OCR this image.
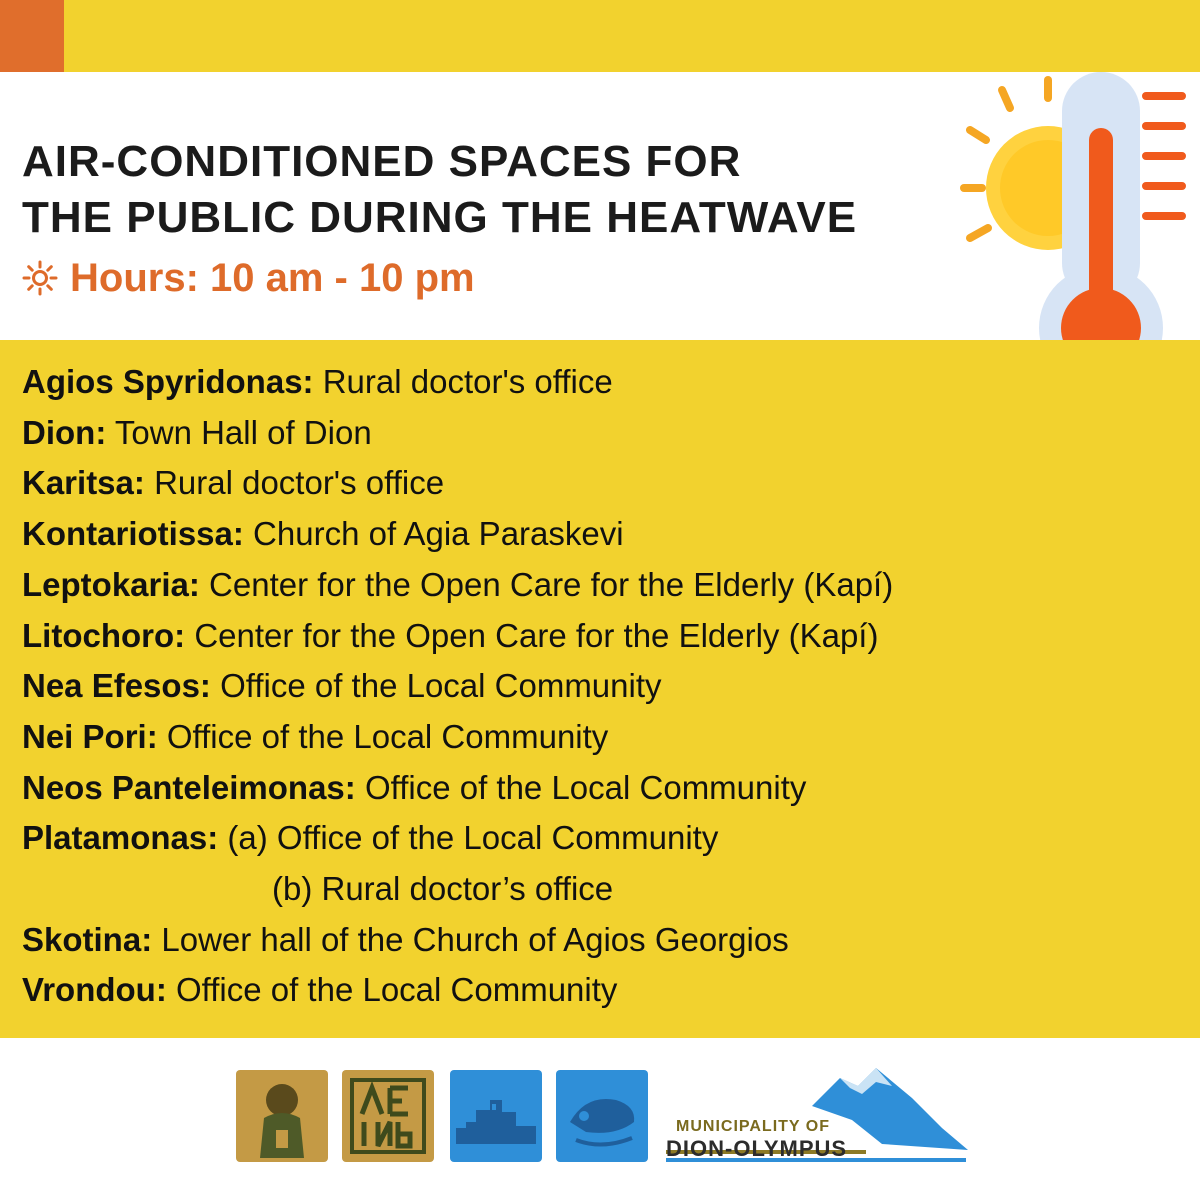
AIR-CONDITIONED SPACES FOR
THE PUBLIC DURING THE HEATWAVE
Hours: 10 am - 10 pm
Agios Spyridonas: Rural doctor's office
Dion: Town Hall of Dion
Karitsa: Rural doctor's office
Kontariotissa: Church of Agia Paraskevi
Leptokaria: Center for the Open Care for the Elderly (Kapí)
Litochoro: Center for the Open Care for the Elderly (Kapí)
Nea Efesos: Office of the Local Community
Nei Pori: Office of the Local Community
Neos Panteleimonas: Office of the Local Community
Platamonas: (a) Office of the Local Community
(b) Rural doctor’s office
Skotina: Lower hall of the Church of Agios Georgios
Vrondou: Office of the Local Community
MUNICIPALITY OF
DION-OLYMPUS
